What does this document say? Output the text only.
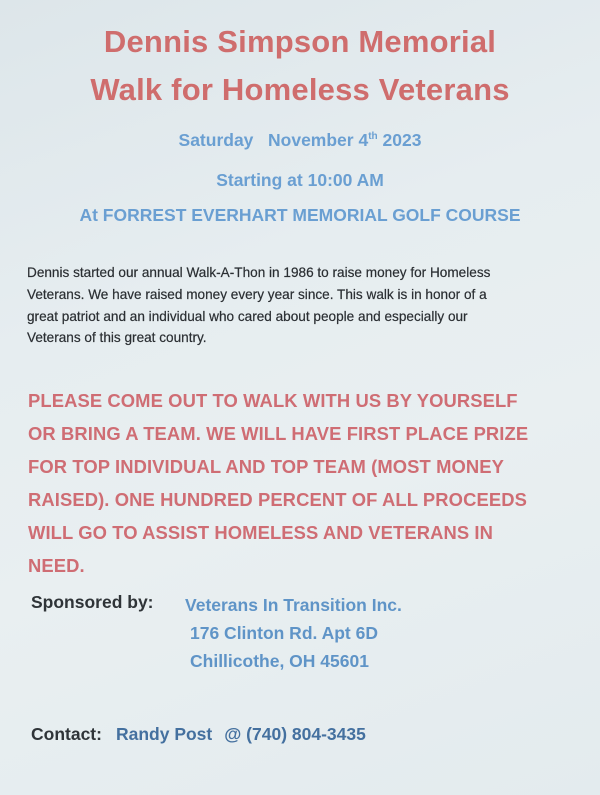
Dennis Simpson Memorial
Walk for Homeless Veterans
Saturday November 4th 2023
Starting at 10:00 AM
At FORREST EVERHART MEMORIAL GOLF COURSE
Dennis started our annual Walk-A-Thon in 1986 to raise money for Homeless
Veterans. We have raised money every year since. This walk is in honor of a
great patriot and an individual who cared about people and especially our
Veterans of this great country.
PLEASE COME OUT TO WALK WITH US BY YOURSELF
OR BRING A TEAM. WE WILL HAVE FIRST PLACE PRIZE
FOR TOP INDIVIDUAL AND TOP TEAM (MOST MONEY
RAISED). ONE HUNDRED PERCENT OF ALL PROCEEDS
WILL GO TO ASSIST HOMELESS AND VETERANS IN
NEED.
Sponsored by: Veterans In Transition Inc.
176 Clinton Rd. Apt 6D
Chillicothe, OH 45601
Contact: Randy Post @ (740) 804-3435
